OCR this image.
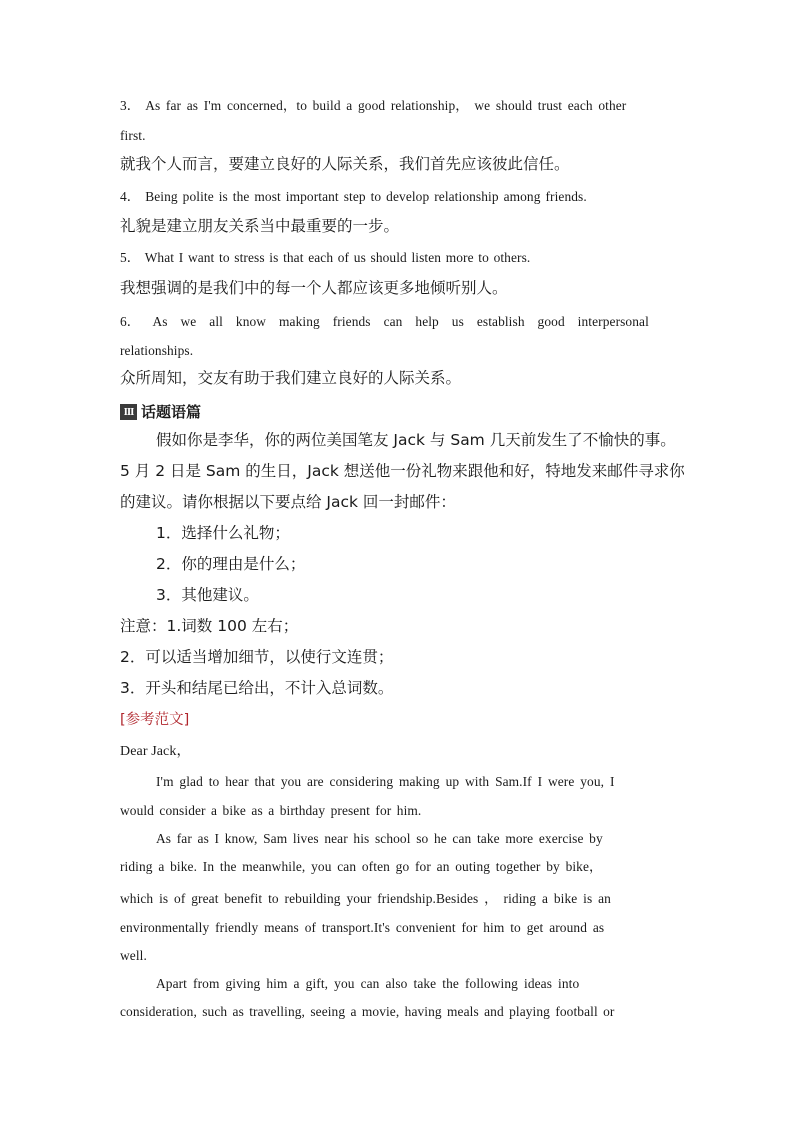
3． As far as I'm concerned，to build a good relationship， we should trust each other
first.
就我个人而言，要建立良好的人际关系，我们首先应该彼此信任。
4． Being polite is the most important step to develop relationship among friends.
礼貌是建立朋友关系当中最重要的一步。
5． What I want to stress is that each of us should listen more to others.
我想强调的是我们中的每一个人都应该更多地倾听别人。
6． As we all know making friends can help us establish good interpersonal
relationships.
众所周知，交友有助于我们建立良好的人际关系。
III 话题语篇
假如你是李华，你的两位美国笔友 Jack 与 Sam 几天前发生了不愉快的事。
5 月 2 日是 Sam 的生日，Jack 想送他一份礼物来跟他和好，特地发来邮件寻求你
的建议。请你根据以下要点给 Jack 回一封邮件：
1．选择什么礼物；
2．你的理由是什么；
3．其他建议。
注意：1.词数 100 左右；
2．可以适当增加细节，以使行文连贯；
3．开头和结尾已给出，不计入总词数。
[参考范文]
Dear Jack，
I'm glad to hear that you are considering making up with Sam.If I were you, I
would consider a bike as a birthday present for him.
As far as I know, Sam lives near his school so he can take more exercise by
riding a bike. In the meanwhile, you can often go for an outing together by bike，
which is of great benefit to rebuilding your friendship.Besides ， riding a bike is an
environmentally friendly means of transport.It's convenient for him to get around as
well.
Apart from giving him a gift, you can also take the following ideas into
consideration, such as travelling, seeing a movie, having meals and playing football or
